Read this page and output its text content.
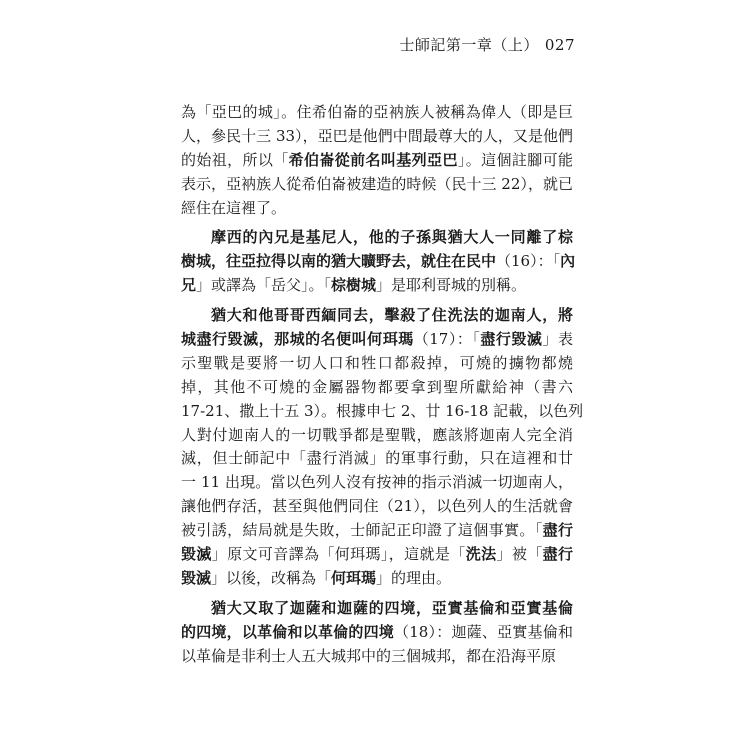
士師記第一章（上） 027
為「亞巴的城」。住希伯崙的亞衲族人被稱為偉人（即是巨
人，參民十三 33），亞巴是他們中間最尊大的人，又是他們
的始祖，所以「希伯崙從前名叫基列亞巴」。這個註腳可能
表示，亞衲族人從希伯崙被建造的時候（民十三 22），就已
經住在這裡了。
摩西的內兄是基尼人，他的子孫與猶大人一同離了棕
樹城，往亞拉得以南的猶大曠野去，就住在民中（16）：「內
兄」或譯為「岳父」。「棕樹城」是耶利哥城的別稱。
猶大和他哥哥西緬同去，擊殺了住洗法的迦南人，將
城盡行毀滅，那城的名便叫何珥瑪（17）：「盡行毀滅」表
示聖戰是要將一切人口和牲口都殺掉，可燒的擄物都燒
掉，其他不可燒的金屬器物都要拿到聖所獻給神（書六
17-21、撒上十五 3）。根據申七 2、廿 16-18 記載，以色列
人對付迦南人的一切戰爭都是聖戰，應該將迦南人完全消
滅，但士師記中「盡行消滅」的軍事行動，只在這裡和廿
一 11 出現。當以色列人沒有按神的指示消滅一切迦南人，
讓他們存活，甚至與他們同住（21），以色列人的生活就會
被引誘，結局就是失敗，士師記正印證了這個事實。「盡行
毀滅」原文可音譯為「何珥瑪」，這就是「洗法」被「盡行
毀滅」以後，改稱為「何珥瑪」的理由。
猶大又取了迦薩和迦薩的四境，亞實基倫和亞實基倫
的四境，以革倫和以革倫的四境（18）：迦薩、亞實基倫和
以革倫是非利士人五大城邦中的三個城邦，都在沿海平原
